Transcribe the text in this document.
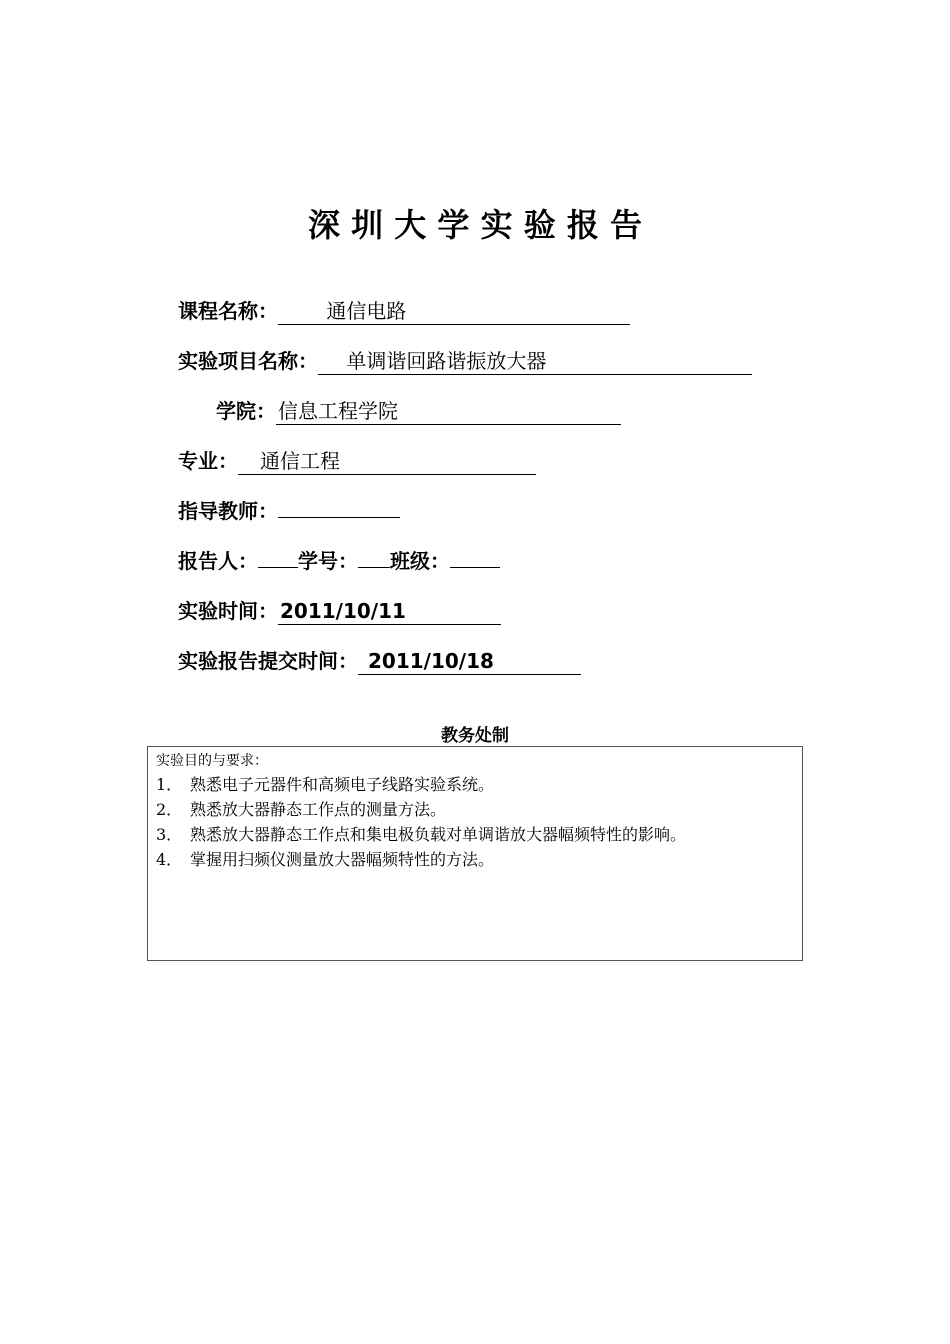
深 圳 大 学 实 验 报 告
课程名称：　　 通信电路
实验项目名称：　 单调谐回路谐振放大器
学院： 信息工程学院
专业：　通信工程
指导教师：
报告人： 学号： 班级：
实验时间： 2011/10/11
实验报告提交时间： 2011/10/18
教务处制
实验目的与要求：
1． 熟悉电子元器件和高频电子线路实验系统。
2． 熟悉放大器静态工作点的测量方法。
3． 熟悉放大器静态工作点和集电极负载对单调谐放大器幅频特性的影响。
4． 掌握用扫频仪测量放大器幅频特性的方法。
